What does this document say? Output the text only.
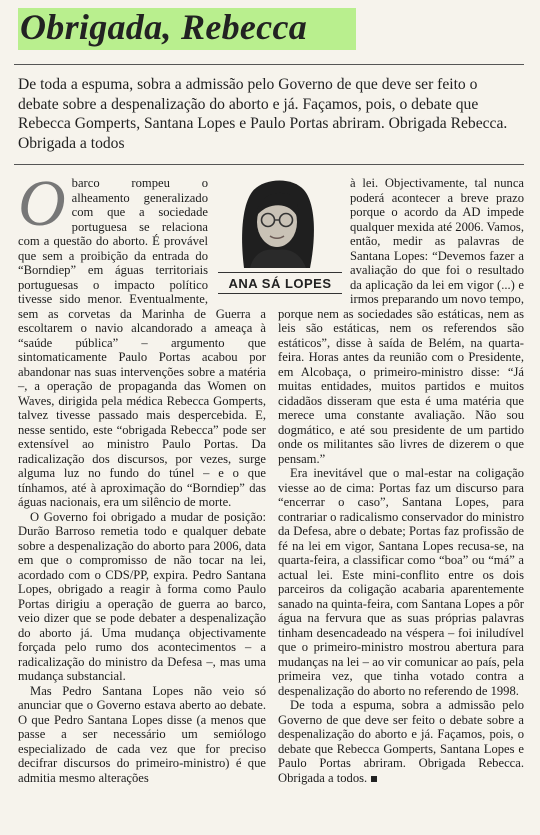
Obrigada, Rebecca
De toda a espuma, sobra a admissão pelo Governo de que deve ser feito o debate sobre a despenalização do aborto e já. Façamos, pois, o debate que Rebecca Gomperts, Santana Lopes e Paulo Portas abriram. Obrigada Rebecca. Obrigada a todos

O barco rompeu o alheamento generalizado com que a sociedade portuguesa se relaciona com a questão do aborto. É provável que sem a proibição da entrada do “Borndiep” em águas territoriais portuguesas o impacto político tivesse sido menor. Eventualmente, sem as corvetas da Marinha de Guerra a escoltarem o navio alcandorado a ameaça à “saúde pública” – argumento que sintomaticamente Paulo Portas acabou por abandonar nas suas intervenções sobre a matéria –, a operação de propaganda das Women on Waves, dirigida pela médica Rebecca Gomperts, talvez tivesse passado mais despercebida. E, nesse sentido, este “obrigada Rebecca” pode ser extensível ao ministro Paulo Portas. Da radicalização dos discursos, por vezes, surge alguma luz no fundo do túnel – e o que tínhamos, até à aproximação do “Borndiep” das águas nacionais, era um silêncio de morte.

O Governo foi obrigado a mudar de posição: Durão Barroso remetia todo e qualquer debate sobre a despenalização do aborto para 2006, data em que o compromisso de não tocar na lei, acordado com o CDS/PP, expira. Pedro Santana Lopes, obrigado a reagir à forma como Paulo Portas dirigiu a operação de guerra ao barco, veio dizer que se pode debater a despenalização do aborto já. Uma mudança objectivamente forçada pelo rumo dos acontecimentos – a radicalização do ministro da Defesa –, mas uma mudança substancial.

Mas Pedro Santana Lopes não veio só anunciar que o Governo estava aberto ao debate. O que Pedro Santana Lopes disse (a menos que passe a ser necessário um semiólogo especializado de cada vez que for preciso decifrar discursos do primeiro-ministro) é que admitia mesmo alterações

ANA SÁ LOPES

à lei. Objectivamente, tal nunca poderá acontecer a breve prazo porque o acordo da AD impede qualquer mexida até 2006. Vamos, então, medir as palavras de Santana Lopes: “Devemos fazer a avaliação do que foi o resultado da aplicação da lei em vigor (...) e irmos preparando um novo tempo, porque nem as sociedades são estáticas, nem as leis são estáticas, nem os referendos são estáticos”, disse à saída de Belém, na quarta-feira. Horas antes da reunião com o Presidente, em Alcobaça, o primeiro-ministro disse: “Já muitas entidades, muitos partidos e muitos cidadãos disseram que esta é uma matéria que merece uma constante avaliação. Não sou dogmático, e até sou presidente de um partido onde os militantes são livres de dizerem o que pensam.”

Era inevitável que o mal-estar na coligação viesse ao de cima: Portas faz um discurso para “encerrar o caso”, Santana Lopes, para contrariar o radicalismo conservador do ministro da Defesa, abre o debate; Portas faz profissão de fé na lei em vigor, Santana Lopes recusa-se, na quarta-feira, a classificar como “boa” ou “má” a actual lei. Este mini-conflito entre os dois parceiros da coligação acabaria aparentemente sanado na quinta-feira, com Santana Lopes a pôr água na fervura que as suas próprias palavras tinham desencadeado na véspera – foi iniludível que o primeiro-ministro mostrou abertura para mudanças na lei – ao vir comunicar ao país, pela primeira vez, que tinha votado contra a despenalização do aborto no referendo de 1998.

De toda a espuma, sobra a admissão pelo Governo de que deve ser feito o debate sobre a despenalização do aborto e já. Façamos, pois, o debate que Rebecca Gomperts, Santana Lopes e Paulo Portas abriram. Obrigada Rebecca. Obrigada a todos.
